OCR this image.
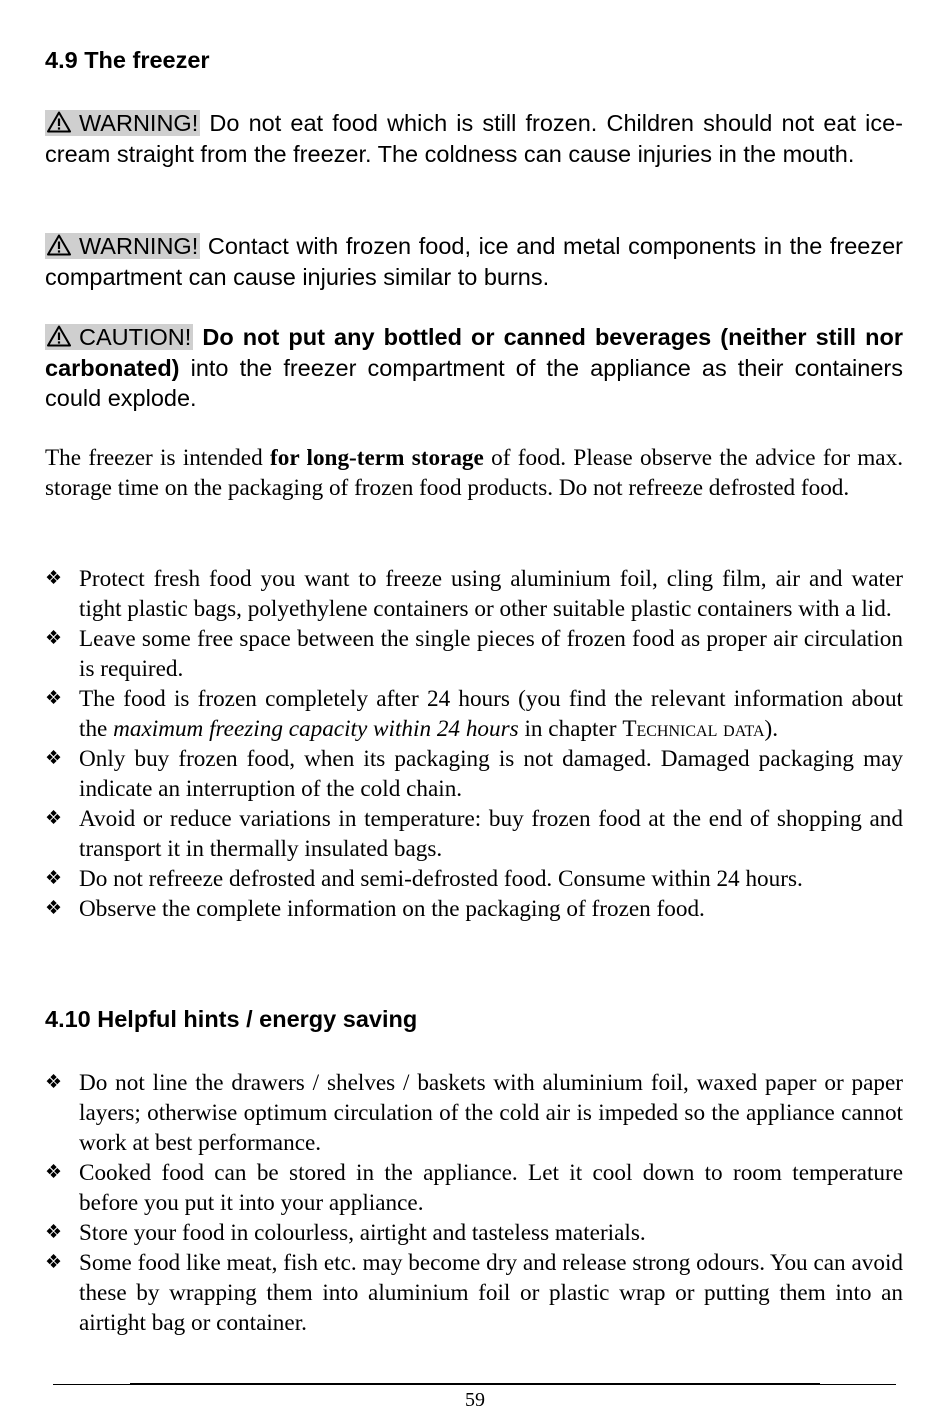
4.9 The freezer

WARNING! Do not eat food which is still frozen. Children should not eat ice-cream straight from the freezer. The coldness can cause injuries in the mouth.

WARNING! Contact with frozen food, ice and metal components in the freezer compartment can cause injuries similar to burns.

CAUTION! Do not put any bottled or canned beverages (neither still nor carbonated) into the freezer compartment of the appliance as their containers could explode.

The freezer is intended for long-term storage of food. Please observe the advice for max. storage time on the packaging of frozen food products. Do not refreeze defrosted food.

❖ Protect fresh food you want to freeze using aluminium foil, cling film, air and water tight plastic bags, polyethylene containers or other suitable plastic containers with a lid.
❖ Leave some free space between the single pieces of frozen food as proper air circulation is required.
❖ The food is frozen completely after 24 hours (you find the relevant information about the maximum freezing capacity within 24 hours in chapter Technical data).
❖ Only buy frozen food, when its packaging is not damaged. Damaged packaging may indicate an interruption of the cold chain.
❖ Avoid or reduce variations in temperature: buy frozen food at the end of shopping and transport it in thermally insulated bags.
❖ Do not refreeze defrosted and semi-defrosted food. Consume within 24 hours.
❖ Observe the complete information on the packaging of frozen food.
4.10 Helpful hints / energy saving
❖ Do not line the drawers / shelves / baskets with aluminium foil, waxed paper or paper layers; otherwise optimum circulation of the cold air is impeded so the appliance cannot work at best performance.
❖ Cooked food can be stored in the appliance. Let it cool down to room temperature before you put it into your appliance.
❖ Store your food in colourless, airtight and tasteless materials.
❖ Some food like meat, fish etc. may become dry and release strong odours. You can avoid these by wrapping them into aluminium foil or plastic wrap or putting them into an airtight bag or container.
59
